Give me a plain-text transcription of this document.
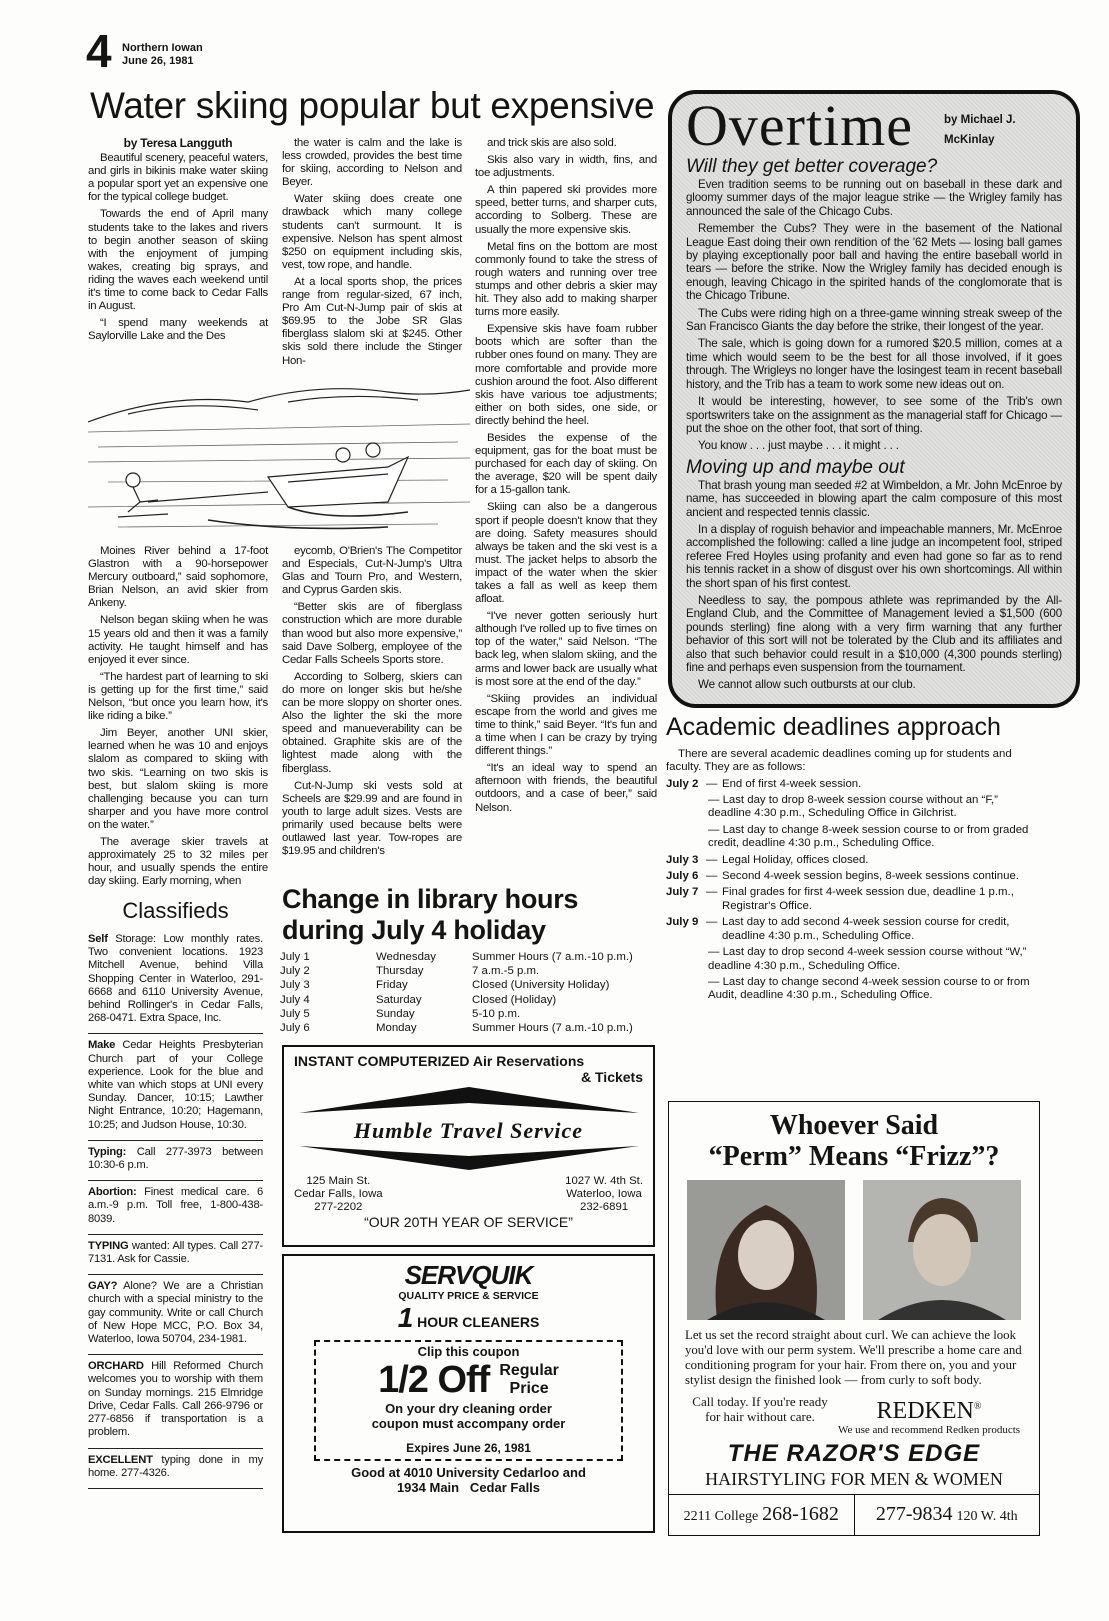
4 Northern Iowan
June 26, 1981
Water skiing popular but expensive
by Teresa Langguth

Beautiful scenery, peaceful waters, and girls in bikinis make water skiing a popular sport yet an expensive one for the typical college budget.

Towards the end of April many students take to the lakes and rivers to begin another season of skiing with the enjoyment of jumping wakes, creating big sprays, and riding the waves each weekend until it's time to come back to Cedar Falls in August.

“I spend many weekends at Saylorville Lake and the Des

the water is calm and the lake is less crowded, provides the best time for skiing, according to Nelson and Beyer.

Water skiing does create one drawback which many college students can't surmount. It is expensive. Nelson has spent almost $250 on equipment including skis, vest, tow rope, and handle.

At a local sports shop, the prices range from regular-sized, 67 inch, Pro Am Cut-N-Jump pair of skis at $69.95 to the Jobe SR Glas fiberglass slalom ski at $245. Other skis sold there include the Stinger Hon-

and trick skis are also sold.

Skis also vary in width, fins, and toe adjustments.

A thin papered ski provides more speed, better turns, and sharper cuts, according to Solberg. These are usually the more expensive skis.

Metal fins on the bottom are most commonly found to take the stress of rough waters and running over tree stumps and other debris a skier may hit. They also add to making sharper turns more easily.

Expensive skis have foam rubber boots which are softer than the rubber ones found on many. They are more comfortable and provide more cushion around the foot. Also different skis have various toe adjustments; either on both sides, one side, or directly behind the heel.

Besides the expense of the equipment, gas for the boat must be purchased for each day of skiing. On the average, $20 will be spent daily for a 15-gallon tank.

Skiing can also be a dangerous sport if people doesn't know that they are doing. Safety measures should always be taken and the ski vest is a must. The jacket helps to absorb the impact of the water when the skier takes a fall as well as keep them afloat.

“I've never gotten seriously hurt although I've rolled up to five times on top of the water,” said Nelson. “The back leg, when slalom skiing, and the arms and lower back are usually what is most sore at the end of the day.”

“Skiing provides an individual escape from the world and gives me time to think,” said Beyer. “It's fun and a time when I can be crazy by trying different things.”

“It's an ideal way to spend an afternoon with friends, the beautiful outdoors, and a case of beer,” said Nelson.

Moines River behind a 17-foot Glastron with a 90-horsepower Mercury outboard,” said sophomore, Brian Nelson, an avid skier from Ankeny.

Nelson began skiing when he was 15 years old and then it was a family activity. He taught himself and has enjoyed it ever since.

“The hardest part of learning to ski is getting up for the first time,” said Nelson, “but once you learn how, it's like riding a bike.”

Jim Beyer, another UNI skier, learned when he was 10 and enjoys slalom as compared to skiing with two skis. “Learning on two skis is best, but slalom skiing is more challenging because you can turn sharper and you have more control on the water.”

The average skier travels at approximately 25 to 32 miles per hour, and usually spends the entire day skiing. Early morning, when

eycomb, O'Brien's The Competitor and Especials, Cut-N-Jump's Ultra Glas and Tourn Pro, and Western, and Cyprus Garden skis.

“Better skis are of fiberglass construction which are more durable than wood but also more expensive,” said Dave Solberg, employee of the Cedar Falls Scheels Sports store.

According to Solberg, skiers can do more on longer skis but he/she can be more sloppy on shorter ones. Also the lighter the ski the more speed and manueverability can be obtained. Graphite skis are of the lightest made along with the fiberglass.

Cut-N-Jump ski vests sold at Scheels are $29.99 and are found in youth to large adult sizes. Vests are primarily used because belts were outlawed last year. Tow-ropes are $19.95 and children's

Overtime	by Michael J.
McKinlay
Will they get better coverage?

Even tradition seems to be running out on baseball in these dark and gloomy summer days of the major league strike — the Wrigley family has announced the sale of the Chicago Cubs.

Remember the Cubs? They were in the basement of the National League East doing their own rendition of the '62 Mets — losing ball games by playing exceptionally poor ball and having the entire baseball world in tears — before the strike. Now the Wrigley family has decided enough is enough, leaving Chicago in the spirited hands of the conglomorate that is the Chicago Tribune.

The Cubs were riding high on a three-game winning streak sweep of the San Francisco Giants the day before the strike, their longest of the year.

The sale, which is going down for a rumored $20.5 million, comes at a time which would seem to be the best for all those involved, if it goes through. The Wrigleys no longer have the losingest team in recent baseball history, and the Trib has a team to work some new ideas out on.

It would be interesting, however, to see some of the Trib's own sportswriters take on the assignment as the managerial staff for Chicago — put the shoe on the other foot, that sort of thing.

You know . . . just maybe . . . it might . . .

Moving up and maybe out

That brash young man seeded #2 at Wimbeldon, a Mr. John McEnroe by name, has succeeded in blowing apart the calm composure of this most ancient and respected tennis classic.

In a display of roguish behavior and impeachable manners, Mr. McEnroe accomplished the following: called a line judge an incompetent fool, striped referee Fred Hoyles using profanity and even had gone so far as to rend his tennis racket in a show of disgust over his own shortcomings. All within the short span of his first contest.

Needless to say, the pompous athlete was reprimanded by the All-England Club, and the Committee of Management levied a $1,500 (600 pounds sterling) fine along with a very firm warning that any further behavior of this sort will not be tolerated by the Club and its affiliates and also that such behavior could result in a $10,000 (4,300 pounds sterling) fine and perhaps even suspension from the tournament.

We cannot allow such outbursts at our club.

Academic deadlines approach

There are several academic deadlines coming up for students and faculty. They are as follows:

July 2 — End of first 4-week session.
— Last day to drop 8-week session course without an “F,” deadline 4:30 p.m., Scheduling Office in Gilchrist.
— Last day to change 8-week session course to or from graded credit, deadline 4:30 p.m., Scheduling Office.
July 3 — Legal Holiday, offices closed.
July 6 — Second 4-week session begins, 8-week sessions continue.
July 7 — Final grades for first 4-week session due, deadline 1 p.m., Registrar's Office.
July 9 — Last day to add second 4-week session course for credit, deadline 4:30 p.m., Scheduling Office.
— Last day to drop second 4-week session course without “W,” deadline 4:30 p.m., Scheduling Office.
— Last day to change second 4-week session course to or from Audit, deadline 4:30 p.m., Scheduling Office.
Whoever Said
“Perm” Means “Frizz”?
Let us set the record straight about curl. We can achieve the look you'd love with our perm system. We'll prescribe a home care and conditioning program for your hair. From there on, you and your stylist design the finished look — from curly to soft body.
Call today. If you're ready for hair without care.	REDKEN®
We use and recommend Redken products
THE RAZOR'S EDGE
HAIRSTYLING FOR MEN & WOMEN
2211 College 268-1682	277-9834 120 W. 4th
Change in library hours
during July 4 holiday
July 1	Wednesday	Summer Hours (7 a.m.-10 p.m.)
July 2	Thursday	7 a.m.-5 p.m.
July 3	Friday	Closed (University Holiday)
July 4	Saturday	Closed (Holiday)
July 5	Sunday	5-10 p.m.
July 6	Monday	Summer Hours (7 a.m.-10 p.m.)
Classifieds
Self Storage: Low monthly rates. Two convenient locations. 1923 Mitchell Avenue, behind Villa Shopping Center in Waterloo, 291-6668 and 6110 University Avenue, behind Rollinger's in Cedar Falls, 268-0471. Extra Space, Inc.
Make Cedar Heights Presbyterian Church part of your College experience. Look for the blue and white van which stops at UNI every Sunday. Dancer, 10:15; Lawther Night Entrance, 10:20; Hagemann, 10:25; and Judson House, 10:30.
Typing: Call 277-3973 between 10:30-6 p.m.
Abortion: Finest medical care. 6 a.m.-9 p.m. Toll free, 1-800-438-8039.
TYPING wanted: All types. Call 277-7131. Ask for Cassie.
GAY? Alone? We are a Christian church with a special ministry to the gay community. Write or call Church of New Hope MCC, P.O. Box 34, Waterloo, Iowa 50704, 234-1981.
ORCHARD Hill Reformed Church welcomes you to worship with them on Sunday mornings. 215 Elmridge Drive, Cedar Falls. Call 266-9796 or 277-6856 if transportation is a problem.
EXCELLENT typing done in my home. 277-4326.
INSTANT COMPUTERIZED Air Reservations
& Tickets
Humble Travel Service
125 Main St.
Cedar Falls, Iowa
277-2202
1027 W. 4th St.
Waterloo, Iowa
232-6891
“OUR 20TH YEAR OF SERVICE”
SERVQUIK
QUALITY PRICE & SERVICE
1 HOUR CLEANERS
Clip this coupon
1/2 Off Regular
Price
On your dry cleaning order
coupon must accompany order
Expires June 26, 1981
Good at 4010 University Cedarloo and
1934 Main   Cedar Falls
